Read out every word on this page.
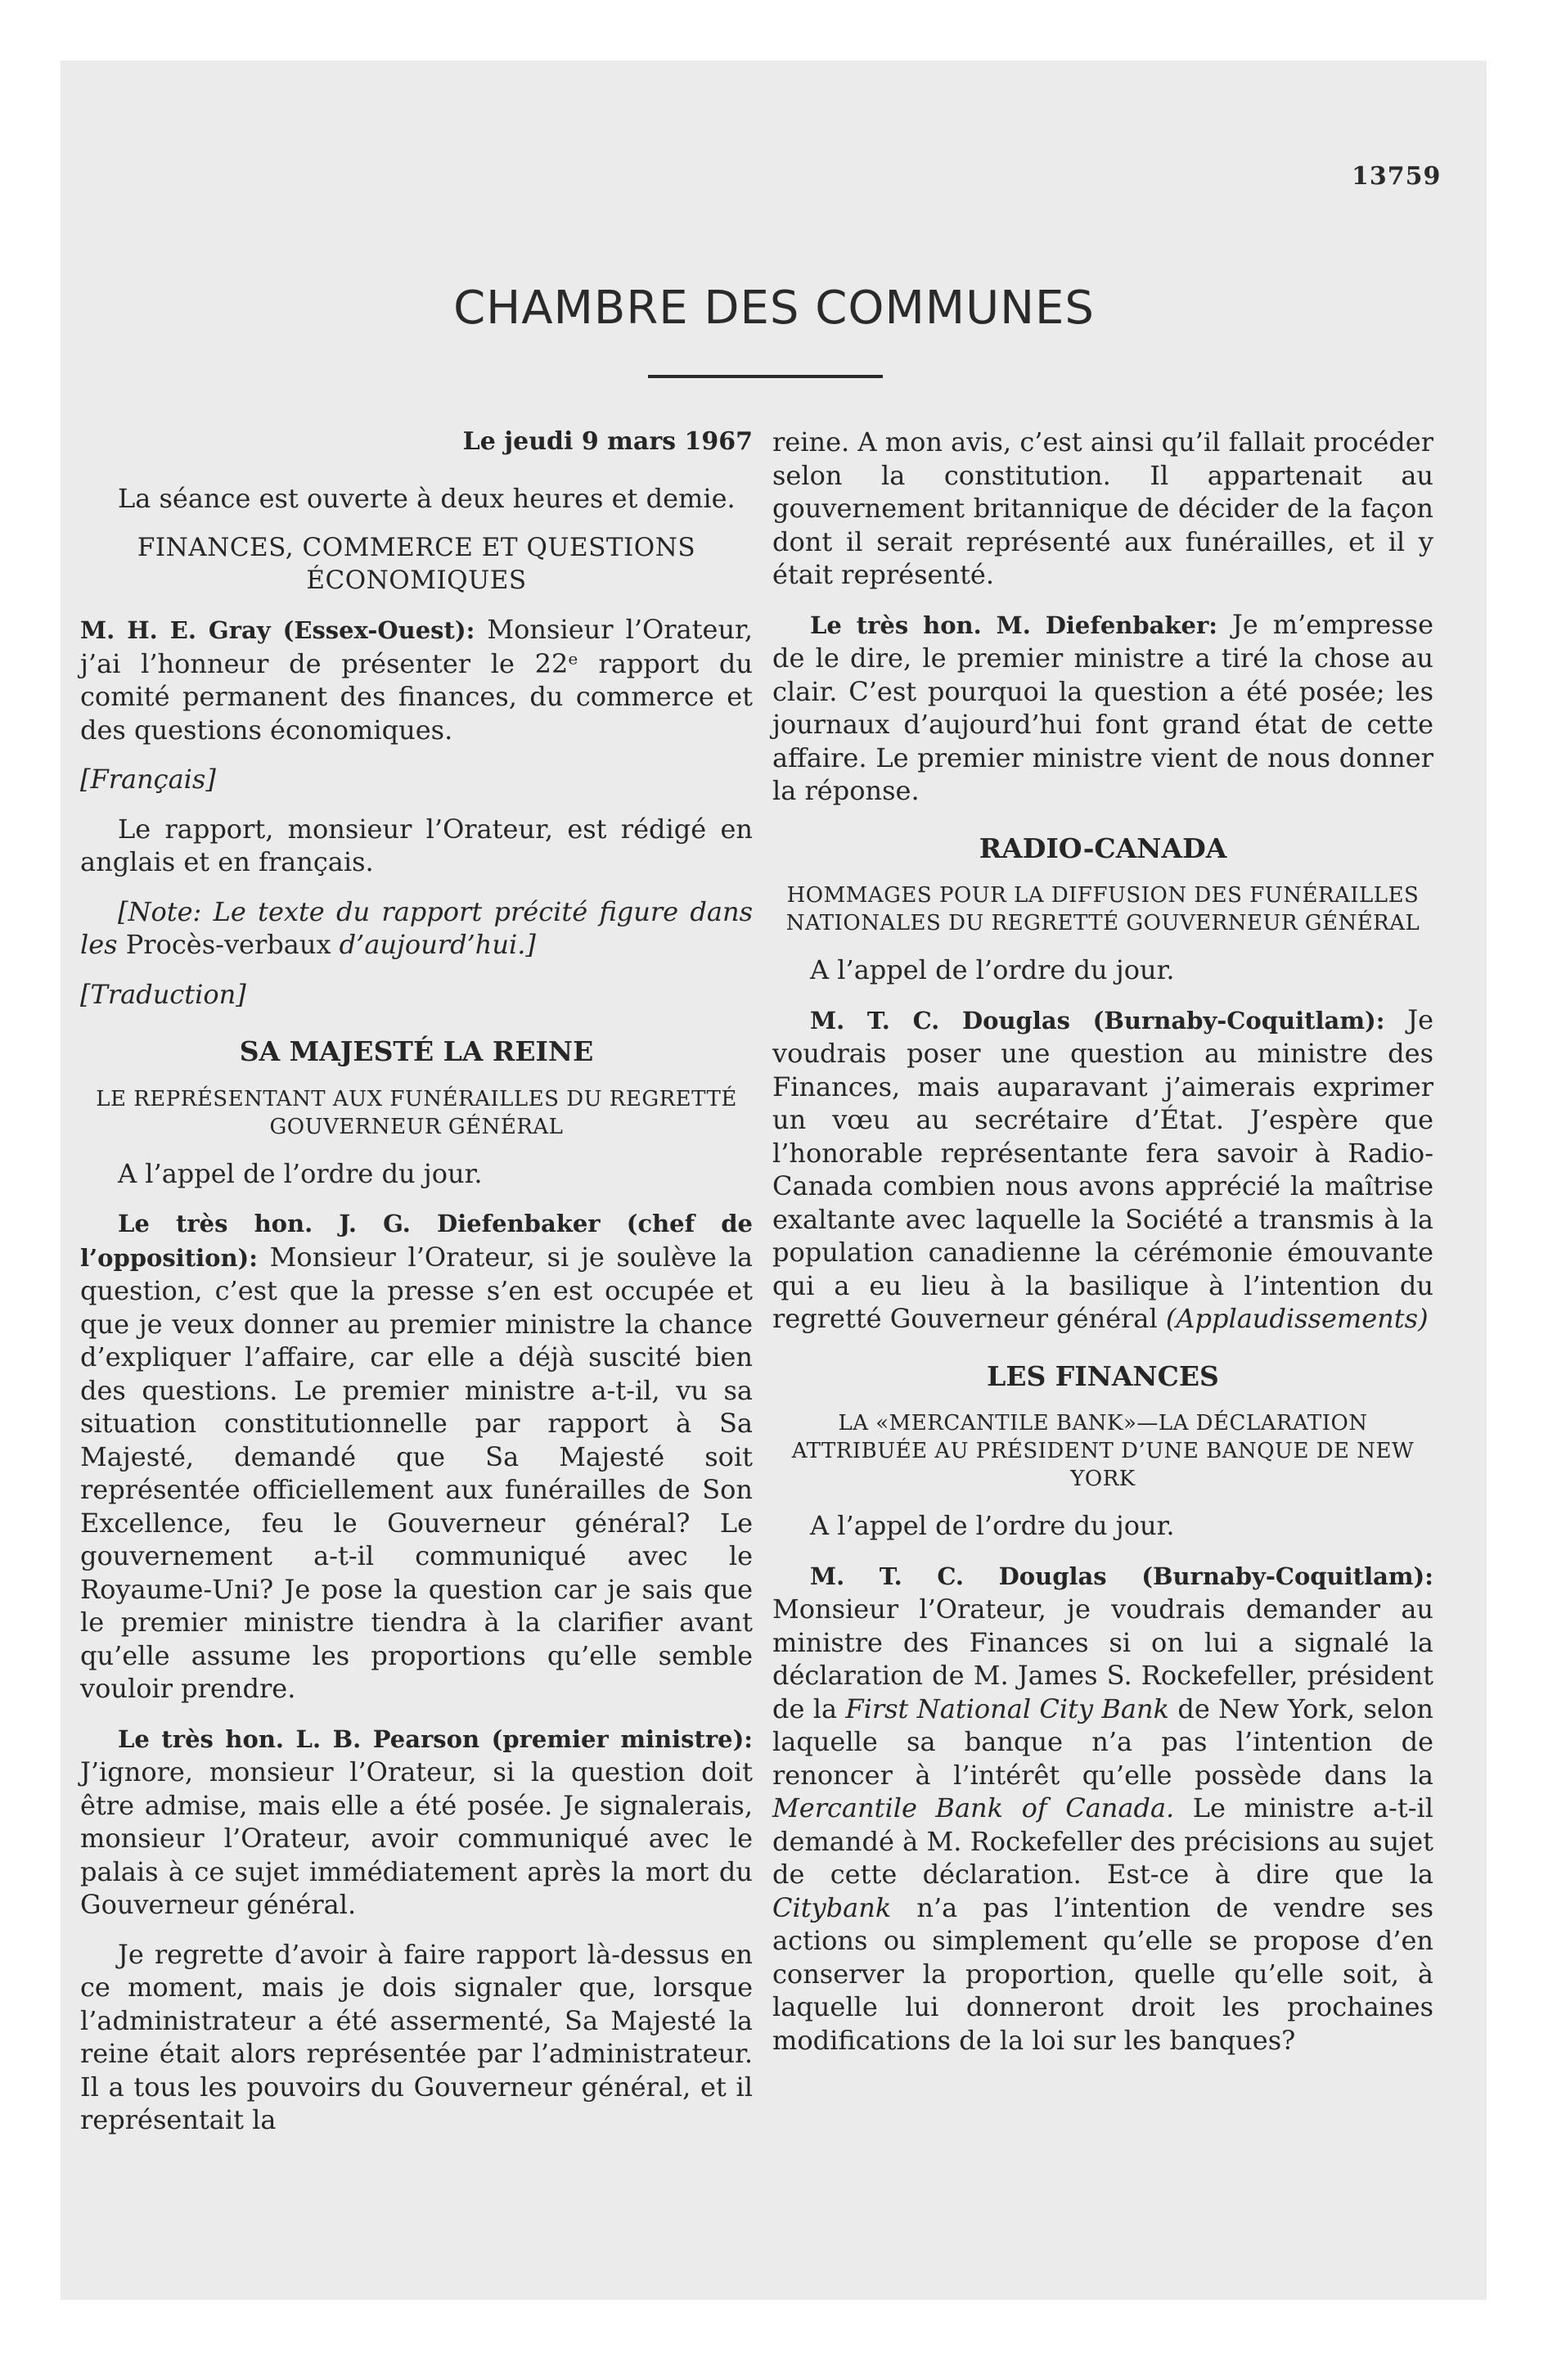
13759
CHAMBRE DES COMMUNES

Le jeudi 9 mars 1967

La séance est ouverte à deux heures et demie.

FINANCES, COMMERCE ET QUESTIONS ÉCONOMIQUES

M. H. E. Gray (Essex-Ouest): Monsieur l’Orateur, j’ai l’honneur de présenter le 22ᵉ rapport du comité permanent des finances, du commerce et des questions économiques.

[Français]

Le rapport, monsieur l’Orateur, est rédigé en anglais et en français.

[Note: Le texte du rapport précité figure dans les Procès-verbaux d’aujourd’hui.]

[Traduction]

SA MAJESTÉ LA REINE
LE REPRÉSENTANT AUX FUNÉRAILLES DU REGRETTÉ GOUVERNEUR GÉNÉRAL

A l’appel de l’ordre du jour.

Le très hon. J. G. Diefenbaker (chef de l’opposition): Monsieur l’Orateur, si je soulève la question, c’est que la presse s’en est occupée et que je veux donner au premier ministre la chance d’expliquer l’affaire, car elle a déjà suscité bien des questions. Le premier ministre a-t-il, vu sa situation constitutionnelle par rapport à Sa Majesté, demandé que Sa Majesté soit représentée officiellement aux funérailles de Son Excellence, feu le Gouverneur général? Le gouvernement a-t-il communiqué avec le Royaume-Uni? Je pose la question car je sais que le premier ministre tiendra à la clarifier avant qu’elle assume les proportions qu’elle semble vouloir prendre.

Le très hon. L. B. Pearson (premier ministre): J’ignore, monsieur l’Orateur, si la question doit être admise, mais elle a été posée. Je signalerais, monsieur l’Orateur, avoir communiqué avec le palais à ce sujet immédiatement après la mort du Gouverneur général.

Je regrette d’avoir à faire rapport là-dessus en ce moment, mais je dois signaler que, lorsque l’administrateur a été assermenté, Sa Majesté la reine était alors représentée par l’administrateur. Il a tous les pouvoirs du Gouverneur général, et il représentait la

reine. A mon avis, c’est ainsi qu’il fallait procéder selon la constitution. Il appartenait au gouvernement britannique de décider de la façon dont il serait représenté aux funérailles, et il y était représenté.

Le très hon. M. Diefenbaker: Je m’empresse de le dire, le premier ministre a tiré la chose au clair. C’est pourquoi la question a été posée; les journaux d’aujourd’hui font grand état de cette affaire. Le premier ministre vient de nous donner la réponse.

RADIO-CANADA
HOMMAGES POUR LA DIFFUSION DES FUNÉRAILLES NATIONALES DU REGRETTÉ GOUVERNEUR GÉNÉRAL

A l’appel de l’ordre du jour.

M. T. C. Douglas (Burnaby-Coquitlam): Je voudrais poser une question au ministre des Finances, mais auparavant j’aimerais exprimer un vœu au secrétaire d’État. J’espère que l’honorable représentante fera savoir à Radio-Canada combien nous avons apprécié la maîtrise exaltante avec laquelle la Société a transmis à la population canadienne la cérémonie émouvante qui a eu lieu à la basilique à l’intention du regretté Gouverneur général (Applaudissements)

LES FINANCES
LA «MERCANTILE BANK»—LA DÉCLARATION ATTRIBUÉE AU PRÉSIDENT D’UNE BANQUE DE NEW YORK

A l’appel de l’ordre du jour.

M. T. C. Douglas (Burnaby-Coquitlam): Monsieur l’Orateur, je voudrais demander au ministre des Finances si on lui a signalé la déclaration de M. James S. Rockefeller, président de la First National City Bank de New York, selon laquelle sa banque n’a pas l’intention de renoncer à l’intérêt qu’elle possède dans la Mercantile Bank of Canada. Le ministre a-t-il demandé à M. Rockefeller des précisions au sujet de cette déclaration. Est-ce à dire que la Citybank n’a pas l’intention de vendre ses actions ou simplement qu’elle se propose d’en conserver la proportion, quelle qu’elle soit, à laquelle lui donneront droit les prochaines modifications de la loi sur les banques?
